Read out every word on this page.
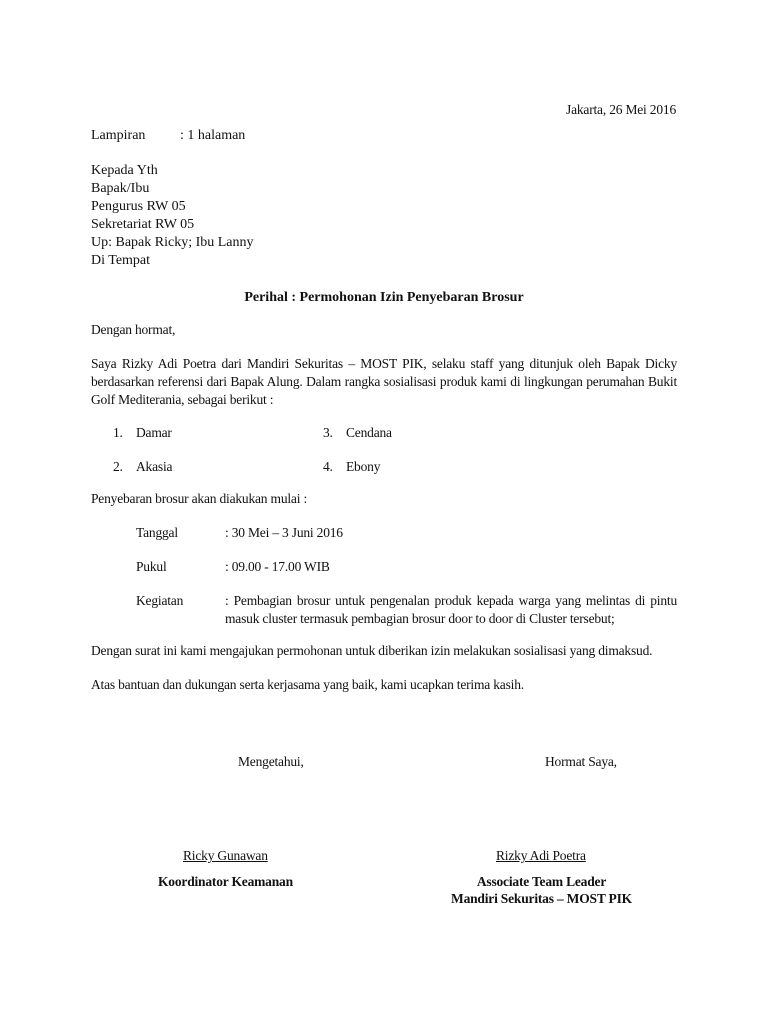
Jakarta, 26 Mei 2016
Lampiran : 1 halaman
Kepada Yth
Bapak/Ibu
Pengurus RW 05
Sekretariat RW 05
Up: Bapak Ricky; Ibu Lanny
Di Tempat
Perihal : Permohonan Izin Penyebaran Brosur
Dengan hormat,
Saya Rizky Adi Poetra dari Mandiri Sekuritas – MOST PIK, selaku staff yang ditunjuk oleh Bapak Dicky berdasarkan referensi dari Bapak Alung. Dalam rangka sosialisasi produk kami di lingkungan perumahan Bukit Golf Mediterania, sebagai berikut :
1. Damar
2. Akasia
3. Cendana
4. Ebony
Penyebaran brosur akan diakukan mulai :
Tanggal	: 30 Mei – 3 Juni 2016
Pukul	: 09.00 - 17.00 WIB
Kegiatan	: Pembagian brosur untuk pengenalan produk kepada warga yang melintas di pintu masuk cluster termasuk pembagian brosur door to door di Cluster tersebut;
Dengan surat ini kami mengajukan permohonan untuk diberikan izin melakukan sosialisasi yang dimaksud.
Atas bantuan dan dukungan serta kerjasama yang baik, kami ucapkan terima kasih.
Mengetahui,	Hormat Saya,
Ricky Gunawan	Rizky Adi Poetra
Koordinator Keamanan	Associate Team Leader
Mandiri Sekuritas – MOST PIK
